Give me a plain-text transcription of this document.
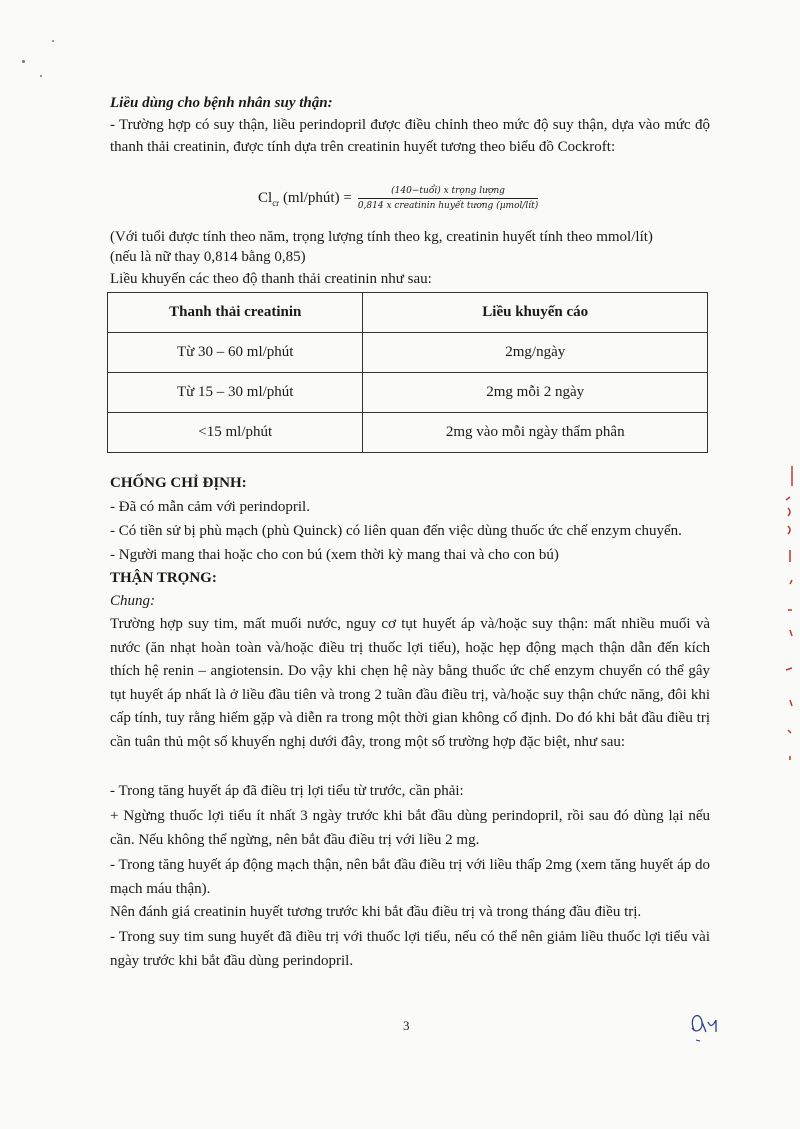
Liều dùng cho bệnh nhân suy thận:
- Trường hợp có suy thận, liều perindopril được điều chỉnh theo mức độ suy thận, dựa vào mức độ thanh thải creatinin, được tính dựa trên creatinin huyết tương theo biểu đồ Cockroft:
$Cl_{cr}$ (ml/phút) = $\frac{\text{(140−tuổi) x trọng lượng}}{\text{0,814 x creatinin huyết tương (µmol/lít)}}$
(Với tuổi được tính theo năm, trọng lượng tính theo kg, creatinin huyết tính theo mmol/lít)
(nếu là nữ thay 0,814 bằng 0,85)
Liều khuyến các theo độ thanh thải creatinin như sau:
Thanh thải creatinin	Liều khuyến cáo
Từ 30 – 60 ml/phút	2mg/ngày
Từ 15 – 30 ml/phút	2mg mỗi 2 ngày
<15 ml/phút	2mg vào mỗi ngày thẩm phân
CHỐNG CHỈ ĐỊNH:
- Đã có mẫn cảm với perindopril.
- Có tiền sử bị phù mạch (phù Quinck) có liên quan đến việc dùng thuốc ức chế enzym chuyển.
- Người mang thai hoặc cho con bú (xem thời kỳ mang thai và cho con bú)
THẬN TRỌNG:
Chung:
Trường hợp suy tim, mất muối nước, nguy cơ tụt huyết áp và/hoặc suy thận: mất nhiều muối và nước (ăn nhạt hoàn toàn và/hoặc điều trị thuốc lợi tiểu), hoặc hẹp động mạch thận dẫn đến kích thích hệ renin – angiotensin. Do vậy khi chẹn hệ này bằng thuốc ức chế enzym chuyển có thể gây tụt huyết áp nhất là ở liều đầu tiên và trong 2 tuần đầu điều trị, và/hoặc suy thận chức năng, đôi khi cấp tính, tuy rằng hiếm gặp và diễn ra trong một thời gian không cố định. Do đó khi bắt đầu điều trị cần tuân thủ một số khuyến nghị dưới đây, trong một số trường hợp đặc biệt, như sau:
- Trong tăng huyết áp đã điều trị lợi tiểu từ trước, cần phải:
+ Ngừng thuốc lợi tiểu ít nhất 3 ngày trước khi bắt đầu dùng perindopril, rồi sau đó dùng lại nếu cần. Nếu không thể ngừng, nên bắt đầu điều trị với liều 2 mg.
- Trong tăng huyết áp động mạch thận, nên bắt đầu điều trị với liều thấp 2mg (xem tăng huyết áp do mạch máu thận).
Nên đánh giá creatinin huyết tương trước khi bắt đầu điều trị và trong tháng đầu điều trị.
- Trong suy tim sung huyết đã điều trị với thuốc lợi tiểu, nếu có thể nên giảm liều thuốc lợi tiểu vài ngày trước khi bắt đầu dùng perindopril.
3
